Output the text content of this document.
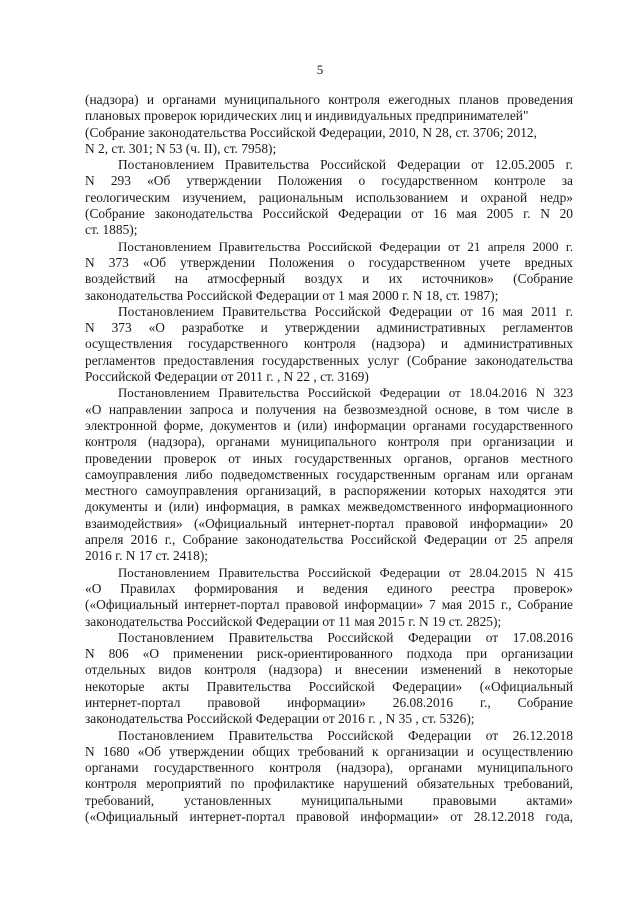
5
(надзора) и органами муниципального контроля ежегодных планов проведения
плановых проверок юридических лиц и индивидуальных предпринимателей"
(Собрание законодательства Российской Федерации, 2010, N 28, ст. 3706; 2012,
N 2, ст. 301; N 53 (ч. II), ст. 7958);
Постановлением Правительства Российской Федерации от 12.05.2005 г.
N 293 «Об утверждении Положения о государственном контроле за
геологическим изучением, рациональным использованием и охраной недр»
(Собрание законодательства Российской Федерации от 16 мая 2005 г. N 20
ст. 1885);
Постановлением Правительства Российской Федерации от 21 апреля 2000 г.
N 373 «Об утверждении Положения о государственном учете вредных
воздействий на атмосферный воздух и их источников» (Собрание
законодательства Российской Федерации от 1 мая 2000 г. N 18, ст. 1987);
Постановлением Правительства Российской Федерации от 16 мая 2011 г.
N 373 «О разработке и утверждении административных регламентов
осуществления государственного контроля (надзора) и административных
регламентов предоставления государственных услуг (Собрание законодательства
Российской Федерации от 2011 г. , N 22 , ст. 3169)
Постановлением Правительства Российской Федерации от 18.04.2016 N 323
«О направлении запроса и получения на безвозмездной основе, в том числе в
электронной форме, документов и (или) информации органами государственного
контроля (надзора), органами муниципального контроля при организации и
проведении проверок от иных государственных органов, органов местного
самоуправления либо подведомственных государственным органам или органам
местного самоуправления организаций, в распоряжении которых находятся эти
документы и (или) информация, в рамках межведомственного информационного
взаимодействия» («Официальный интернет-портал правовой информации» 20
апреля 2016 г., Собрание законодательства Российской Федерации от 25 апреля
2016 г. N 17 ст. 2418);
Постановлением Правительства Российской Федерации от 28.04.2015 N 415
«О Правилах формирования и ведения единого реестра проверок»
(«Официальный интернет-портал правовой информации» 7 мая 2015 г., Собрание
законодательства Российской Федерации от 11 мая 2015 г. N 19 ст. 2825);
Постановлением Правительства Российской Федерации от 17.08.2016
N 806 «О применении риск-ориентированного подхода при организации
отдельных видов контроля (надзора) и внесении изменений в некоторые
некоторые акты Правительства Российской Федерации» («Официальный
интернет-портал правовой информации» 26.08.2016 г., Собрание
законодательства Российской Федерации от 2016 г. , N 35 , ст. 5326);
Постановлением Правительства Российской Федерации от 26.12.2018
N 1680 «Об утверждении общих требований к организации и осуществлению
органами государственного контроля (надзора), органами муниципального
контроля мероприятий по профилактике нарушений обязательных требований,
требований, установленных муниципальными правовыми актами»
(«Официальный интернет-портал правовой информации» от 28.12.2018 года,
